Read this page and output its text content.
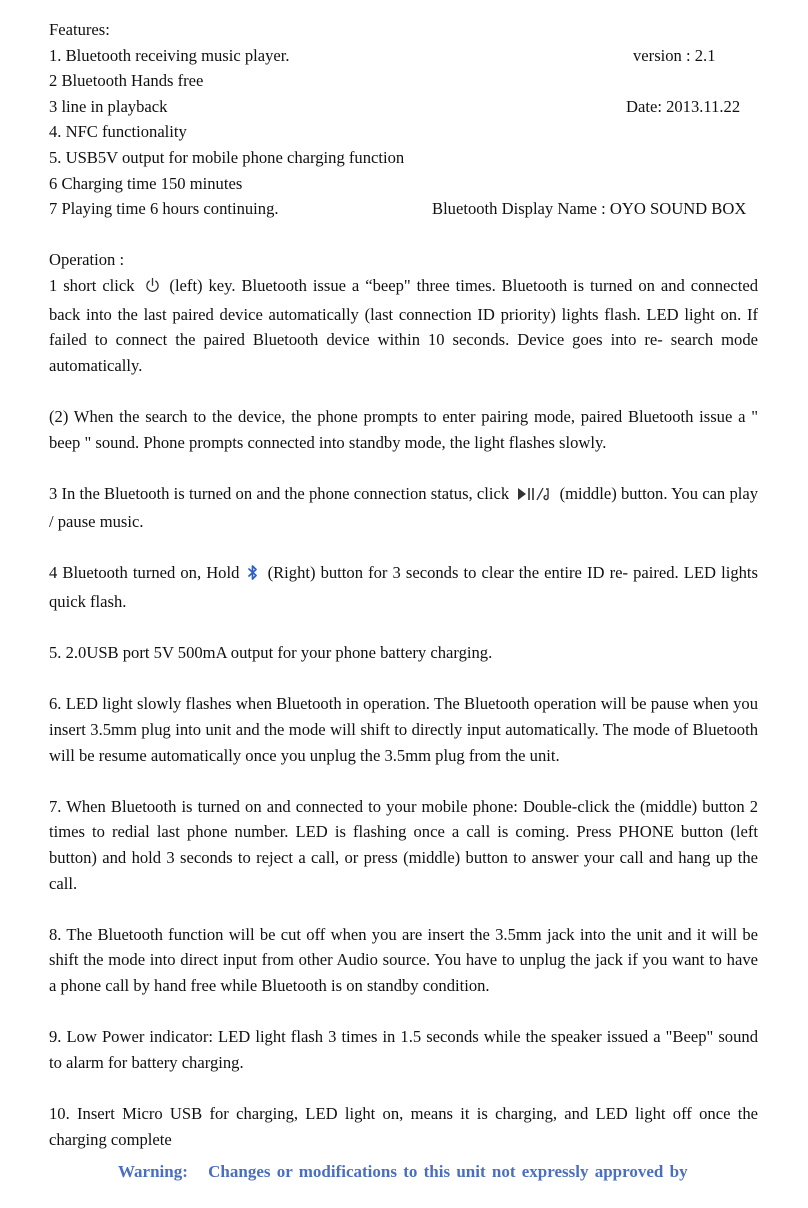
Features:
1. Bluetooth receiving music player.	version : 2.1
2 Bluetooth Hands free
3 line in playback	Date: 2013.11.22
4. NFC functionality
5. USB5V output for mobile phone charging function
6 Charging time 150 minutes
7 Playing time 6 hours continuing.	Bluetooth Display Name : OYO SOUND BOX
Operation :
1 short click (left) key. Bluetooth issue a “beep" three times. Bluetooth is turned on and connected back into the last paired device automatically (last connection ID priority) lights flash. LED light on. If failed to connect the paired Bluetooth device within 10 seconds. Device goes into re- search mode automatically.
(2) When the search to the device, the phone prompts to enter pairing mode, paired Bluetooth issue a " beep " sound. Phone prompts connected into standby mode, the light flashes slowly.
3 In the Bluetooth is turned on and the phone connection status, click	(middle) button. You can play / pause music.
4 Bluetooth turned on, Hold (Right) button for 3 seconds to clear the entire ID re- paired. LED lights quick flash.
5. 2.0USB port 5V 500mA output for your phone battery charging.
6. LED light slowly flashes when Bluetooth in operation. The Bluetooth operation will be pause when you insert 3.5mm plug into unit and the mode will shift to directly input automatically. The mode of Bluetooth will be resume automatically once you unplug the 3.5mm plug from the unit.
7. When Bluetooth is turned on and connected to your mobile phone: Double-click the (middle) button 2 times to redial last phone number. LED is flashing once a call is coming. Press PHONE button (left button) and hold 3 seconds to reject a call, or press (middle) button to answer your call and hang up the call.
8. The Bluetooth function will be cut off when you are insert the 3.5mm jack into the unit and it will be shift the mode into direct input from other Audio source. You have to unplug the jack if you want to have a phone call by hand free while Bluetooth is on standby condition.
9. Low Power indicator: LED light flash 3 times in 1.5 seconds while the speaker issued a "Beep" sound to alarm for battery charging.
10. Insert Micro USB for charging, LED light on, means it is charging, and LED light off once the charging complete
Warning: Changes or modifications to this unit not expressly approved by
